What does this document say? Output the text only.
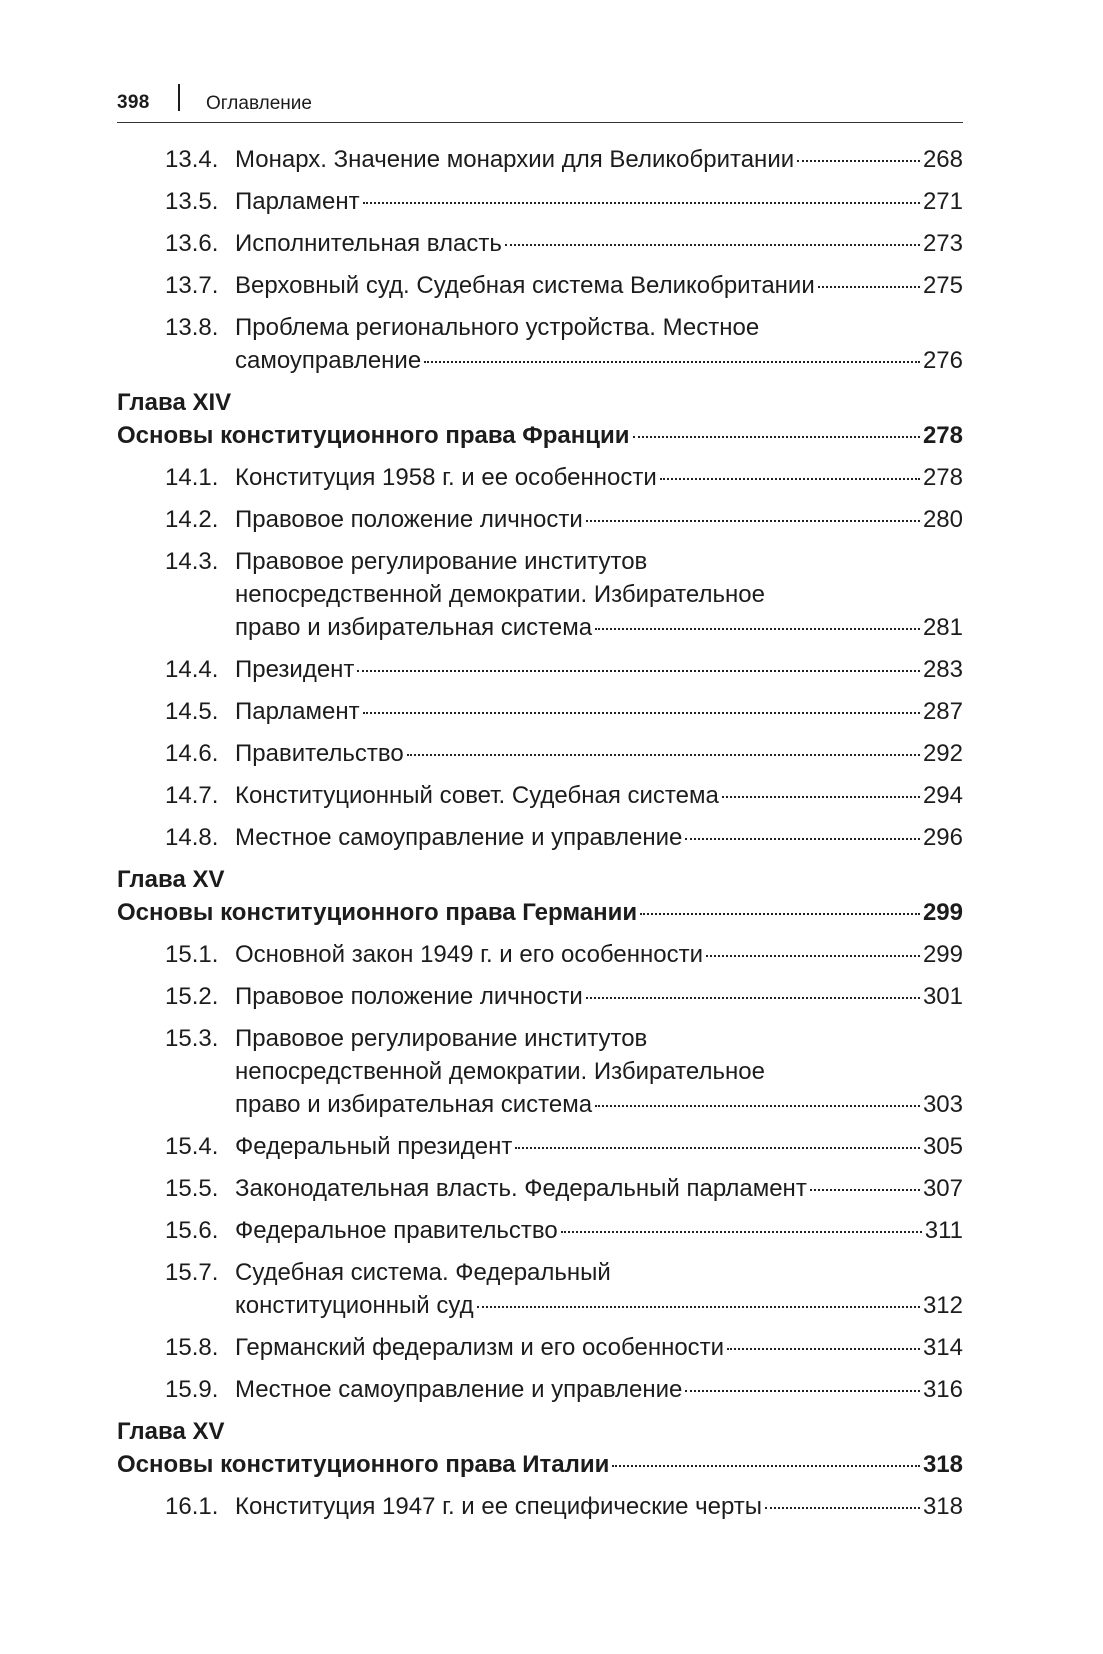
398	Оглавление
13.4. Монарх. Значение монархии для Великобритании	268
13.5. Парламент	271
13.6. Исполнительная власть	273
13.7. Верховный суд. Судебная система Великобритании	275
13.8. Проблема регионального устройства. Местное
самоуправление	276
Глава XIV
Основы конституционного права Франции	278
14.1. Конституция 1958 г. и ее особенности	278
14.2. Правовое положение личности	280
14.3. Правовое регулирование институтов
непосредственной демократии. Избирательное
право и избирательная система	281
14.4. Президент	283
14.5. Парламент	287
14.6. Правительство	292
14.7. Конституционный совет. Судебная система	294
14.8. Местное самоуправление и управление	296
Глава XV
Основы конституционного права Германии	299
15.1. Основной закон 1949 г. и его особенности	299
15.2. Правовое положение личности	301
15.3. Правовое регулирование институтов
непосредственной демократии. Избирательное
право и избирательная система	303
15.4. Федеральный президент	305
15.5. Законодательная власть. Федеральный парламент	307
15.6. Федеральное правительство	311
15.7. Судебная система. Федеральный
конституционный суд	312
15.8. Германский федерализм и его особенности	314
15.9. Местное самоуправление и управление	316
Глава XV
Основы конституционного права Италии	318
16.1. Конституция 1947 г. и ее специфические черты	318
